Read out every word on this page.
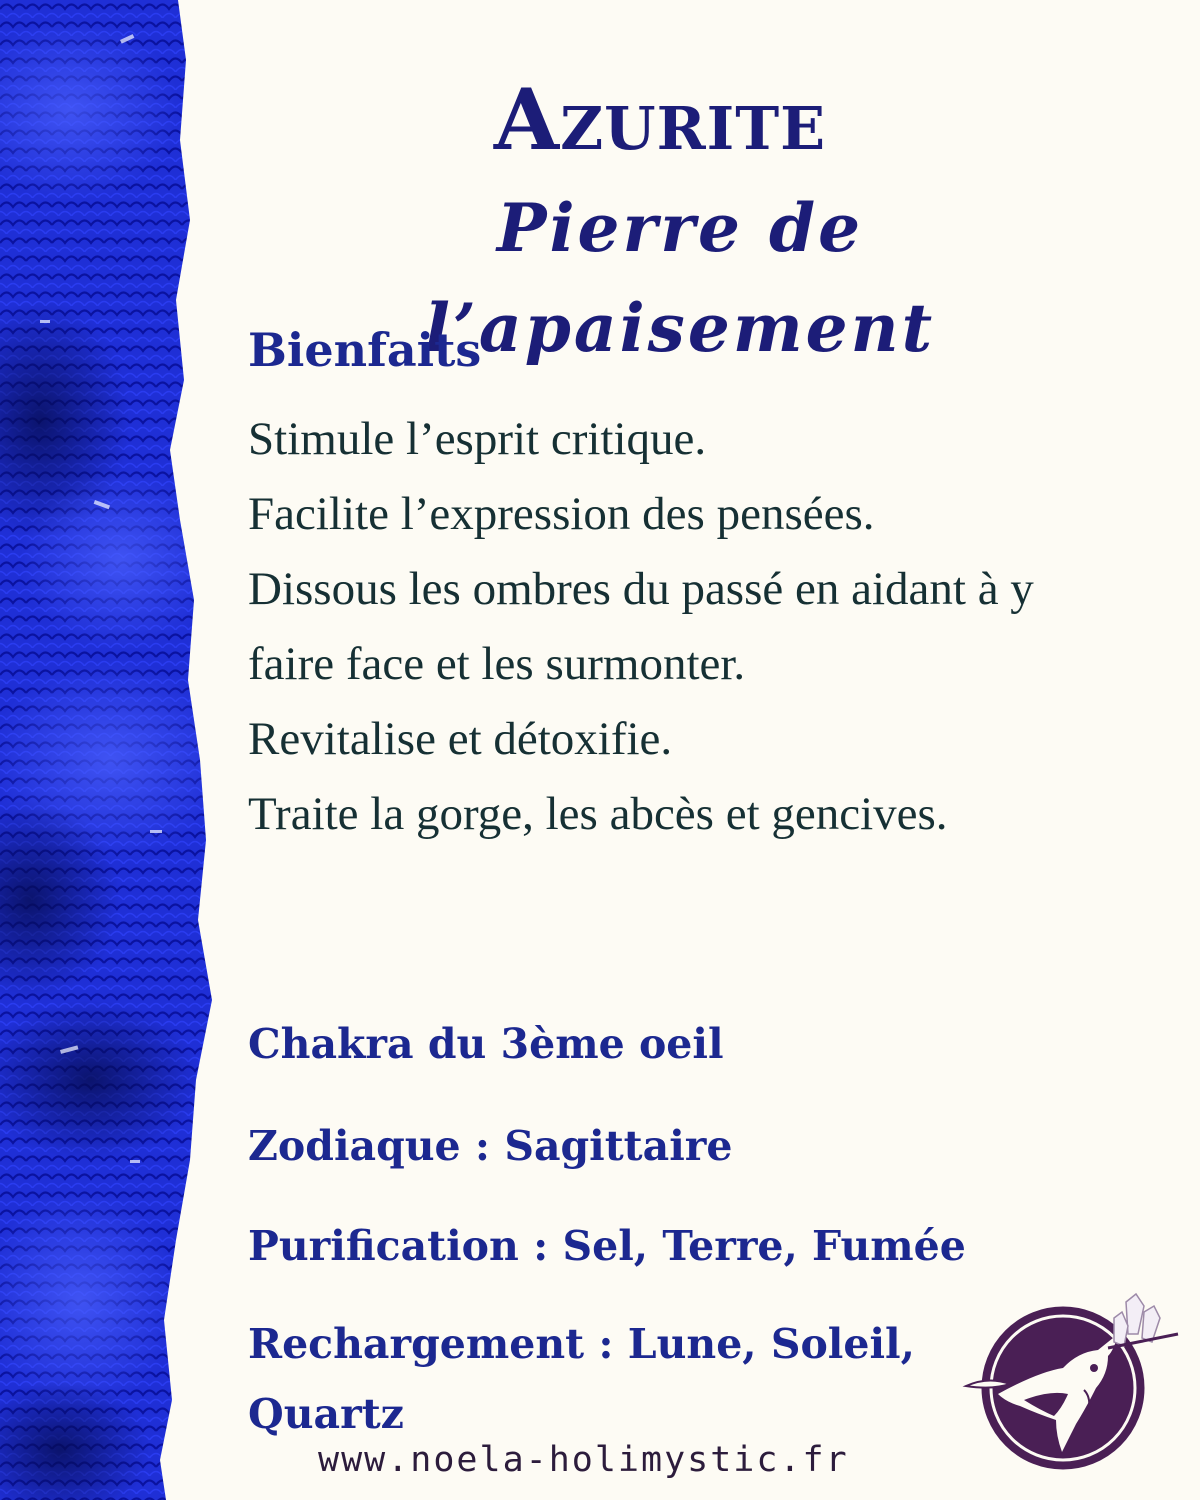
Azurite
Pierre de l’apaisement
Bienfaits
Stimule l’esprit critique.
Facilite l’expression des pensées.
Dissous les ombres du passé en aidant à y
faire face et les surmonter.
Revitalise et détoxifie.
Traite la gorge, les abcès et gencives.
Chakra du 3ème oeil
Zodiaque : Sagittaire
Purification : Sel, Terre, Fumée
Rechargement : Lune, Soleil,
Quartz
www.noela-holimystic.fr
